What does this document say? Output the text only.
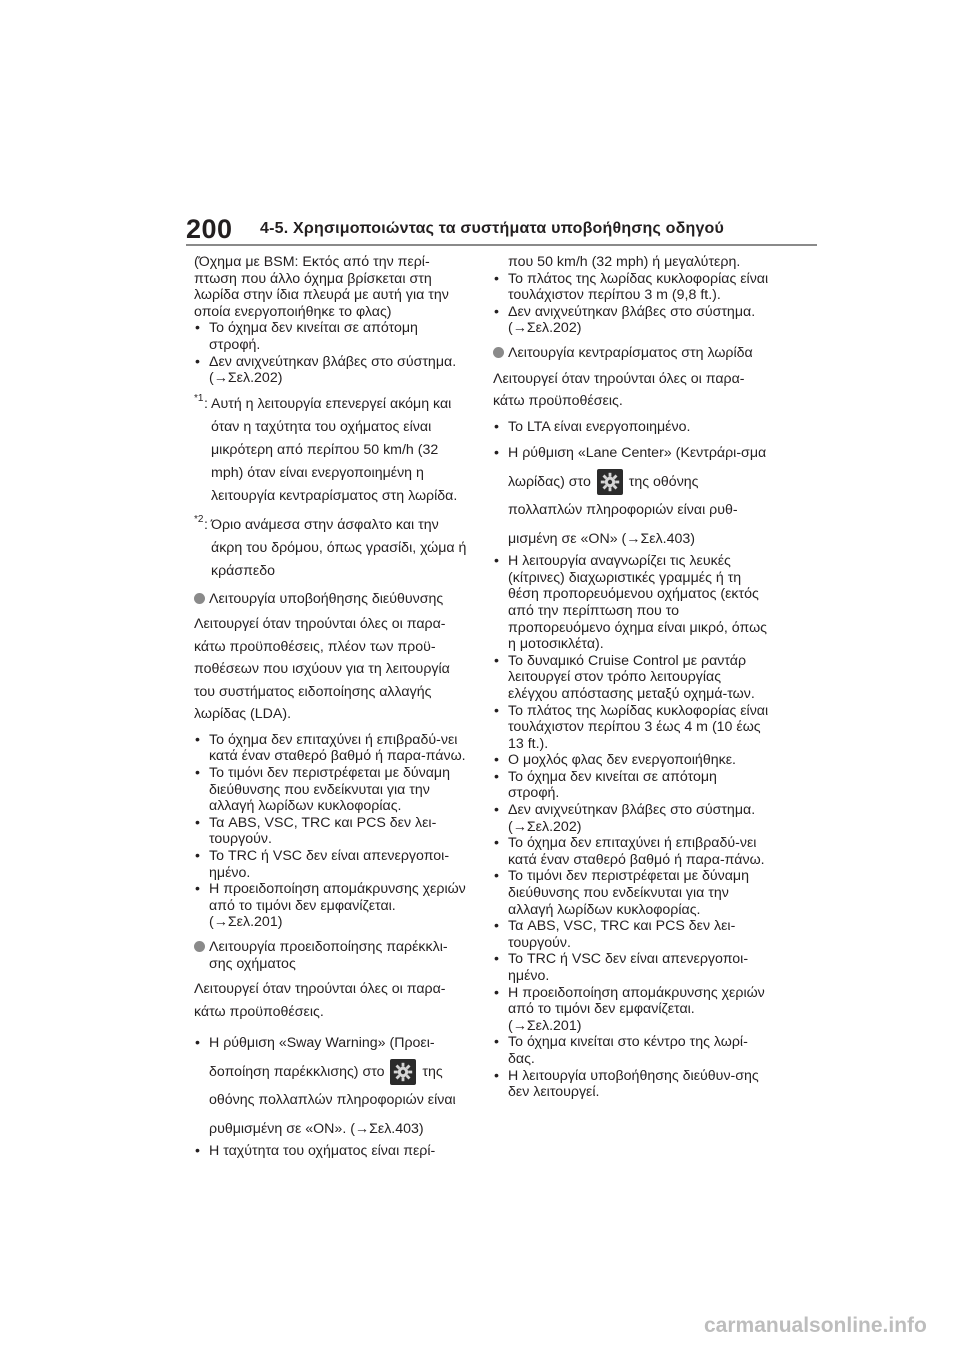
200 4-5. Χρησιμοποιώντας τα συστήματα υποβοήθησης οδηγού
(Όχημα με BSM: Εκτός από την περί-πτωση που άλλο όχημα βρίσκεται στη λωρίδα στην ίδια πλευρά με αυτή για την οποία ενεργοποιήθηκε το φλας)
• Το όχημα δεν κινείται σε απότομη στροφή.
• Δεν ανιχνεύτηκαν βλάβες στο σύστημα. (→Σελ.202)
*1 : Αυτή η λειτουργία επενεργεί ακόμη και όταν η ταχύτητα του οχήματος είναι μικρότερη από περίπου 50 km/h (32 mph) όταν είναι ενεργοποιημένη η λειτουργία κεντραρίσματος στη λωρίδα.
*2 : Όριο ανάμεσα στην άσφαλτο και την άκρη του δρόμου, όπως γρασίδι, χώμα ή κράσπεδο
Λειτουργία υποβοήθησης διεύθυνσης
Λειτουργεί όταν τηρούνται όλες οι παρα-κάτω προϋποθέσεις, πλέον των προϋ-ποθέσεων που ισχύουν για τη λειτουργία του συστήματος ειδοποίησης αλλαγής λωρίδας (LDA).
• Το όχημα δεν επιταχύνει ή επιβραδύ-νει κατά έναν σταθερό βαθμό ή παρα-πάνω.
• Το τιμόνι δεν περιστρέφεται με δύναμη διεύθυνσης που ενδείκνυται για την αλλαγή λωρίδων κυκλοφορίας.
• Τα ABS, VSC, TRC και PCS δεν λει-τουργούν.
• Το TRC ή VSC δεν είναι απενεργοποι-ημένο.
• Η προειδοποίηση απομάκρυνσης χεριών από το τιμόνι δεν εμφανίζεται. (→Σελ.201)
Λειτουργία προειδοποίησης παρέκκλι-σης οχήματος
Λειτουργεί όταν τηρούνται όλες οι παρα-κάτω προϋποθέσεις.
• Η ρύθμιση «Sway Warning» (Προει-δοποίηση παρέκκλισης) στο	της οθόνης πολλαπλών πληροφοριών είναι ρυθμισμένη σε «ON». (→Σελ.403)
• Η ταχύτητα του οχήματος είναι περί-
που 50 km/h (32 mph) ή μεγαλύτερη.
• Το πλάτος της λωρίδας κυκλοφορίας είναι τουλάχιστον περίπου 3 m (9,8 ft.).
• Δεν ανιχνεύτηκαν βλάβες στο σύστημα. (→Σελ.202)
Λειτουργία κεντραρίσματος στη λωρίδα
Λειτουργεί όταν τηρούνται όλες οι παρα-κάτω προϋποθέσεις.
• Το LTA είναι ενεργοποιημένο.
• Η ρύθμιση «Lane Center» (Κεντράρι-σμα λωρίδας) στο	της οθόνης πολλαπλών πληροφοριών είναι ρυθ-μισμένη σε «ON» (→Σελ.403)
• Η λειτουργία αναγνωρίζει τις λευκές (κίτρινες) διαχωριστικές γραμμές ή τη θέση προπορευόμενου οχήματος (εκτός από την περίπτωση που το προπορευόμενο όχημα είναι μικρό, όπως η μοτοσικλέτα).
• Το δυναμικό Cruise Control με ραντάρ λειτουργεί στον τρόπο λειτουργίας ελέγχου απόστασης μεταξύ οχημά-των.
• Το πλάτος της λωρίδας κυκλοφορίας είναι τουλάχιστον περίπου 3 έως 4 m (10 έως 13 ft.).
• Ο μοχλός φλας δεν ενεργοποιήθηκε.
• Το όχημα δεν κινείται σε απότομη στροφή.
• Δεν ανιχνεύτηκαν βλάβες στο σύστημα. (→Σελ.202)
• Το όχημα δεν επιταχύνει ή επιβραδύ-νει κατά έναν σταθερό βαθμό ή παρα-πάνω.
• Το τιμόνι δεν περιστρέφεται με δύναμη διεύθυνσης που ενδείκνυται για την αλλαγή λωρίδων κυκλοφορίας.
• Τα ABS, VSC, TRC και PCS δεν λει-τουργούν.
• Το TRC ή VSC δεν είναι απενεργοποι-ημένο.
• Η προειδοποίηση απομάκρυνσης χεριών από το τιμόνι δεν εμφανίζεται. (→Σελ.201)
• Το όχημα κινείται στο κέντρο της λωρί-δας.
• Η λειτουργία υποβοήθησης διεύθυν-σης δεν λειτουργεί.
carmanualsonline.info
